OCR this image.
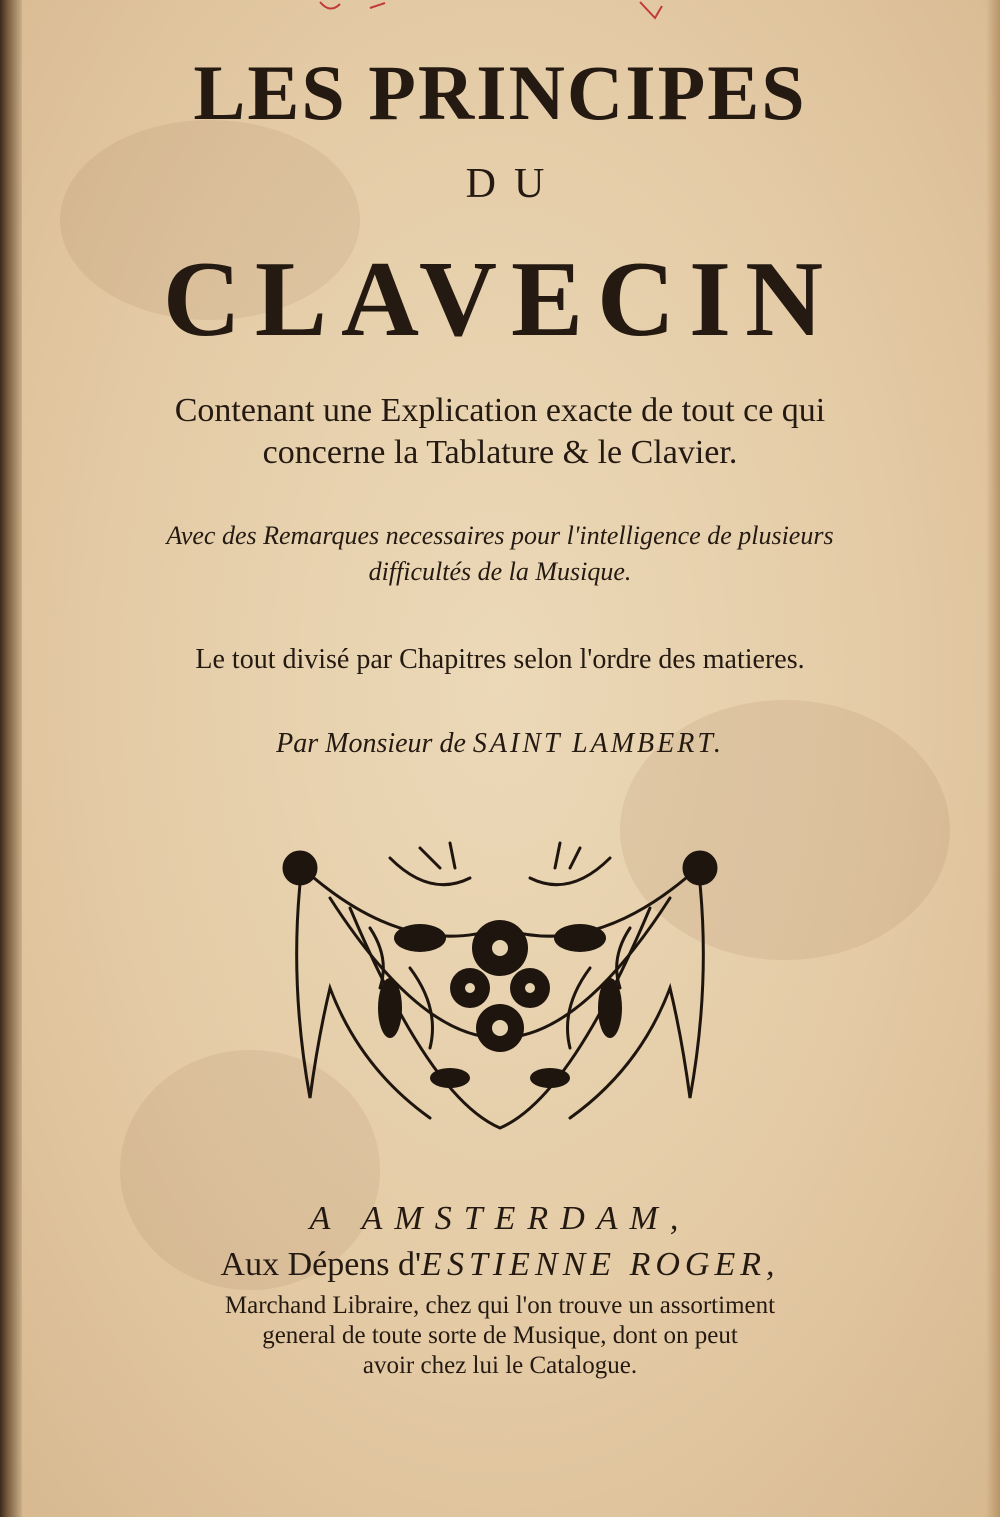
LES PRINCIPES
DU
CLAVECIN
Contenant une Explication exacte de tout ce qui
concerne la Tablature & le Clavier.
Avec des Remarques necessaires pour l'intelligence de plusieurs
difficultés de la Musique.
Le tout divisé par Chapitres selon l'ordre des matieres.
Par Monsieur de SAINT LAMBERT.
A AMSTERDAM,
Aux Dépens d'ESTIENNE ROGER,
Marchand Libraire, chez qui l'on trouve un assortiment
general de toute sorte de Musique, dont on peut
avoir chez lui le Catalogue.
